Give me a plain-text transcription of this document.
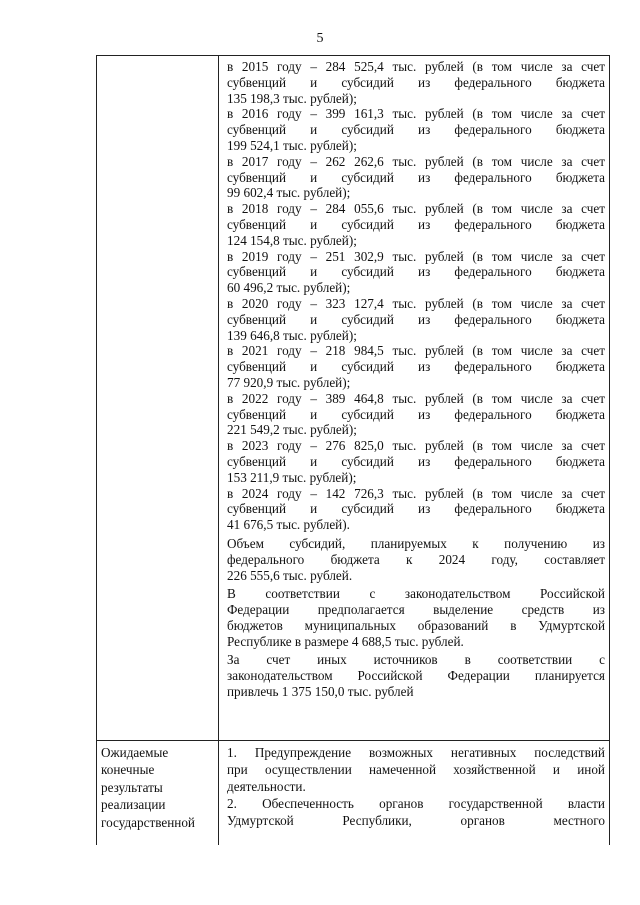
5
в 2015 году – 284 525,4 тыс. рублей (в том числе за счет
субвенций и субсидий из федерального бюджета
135 198,3 тыс. рублей);
в 2016 году – 399 161,3 тыс. рублей (в том числе за счет
субвенций и субсидий из федерального бюджета
199 524,1 тыс. рублей);
в 2017 году – 262 262,6 тыс. рублей (в том числе за счет
субвенций и субсидий из федерального бюджета
99 602,4 тыс. рублей);
в 2018 году – 284 055,6 тыс. рублей (в том числе за счет
субвенций и субсидий из федерального бюджета
124 154,8 тыс. рублей);
в 2019 году – 251 302,9 тыс. рублей (в том числе за счет
субвенций и субсидий из федерального бюджета
60 496,2 тыс. рублей);
в 2020 году – 323 127,4 тыс. рублей (в том числе за счет
субвенций и субсидий из федерального бюджета
139 646,8 тыс. рублей);
в 2021 году – 218 984,5 тыс. рублей (в том числе за счет
субвенций и субсидий из федерального бюджета
77 920,9 тыс. рублей);
в 2022 году – 389 464,8 тыс. рублей (в том числе за счет
субвенций и субсидий из федерального бюджета
221 549,2 тыс. рублей);
в 2023 году – 276 825,0 тыс. рублей (в том числе за счет
субвенций и субсидий из федерального бюджета
153 211,9 тыс. рублей);
в 2024 году – 142 726,3 тыс. рублей (в том числе за счет
субвенций и субсидий из федерального бюджета
41 676,5 тыс. рублей).
Объем субсидий, планируемых к получению из
федерального бюджета к 2024 году, составляет
226 555,6 тыс. рублей.
В соответствии с законодательством Российской
Федерации предполагается выделение средств из
бюджетов муниципальных образований в Удмуртской
Республике в размере 4 688,5 тыс. рублей.
За счет иных источников в соответствии с
законодательством Российской Федерации планируется
привлечь 1 375 150,0 тыс. рублей
Ожидаемые
конечные
результаты
реализации
государственной
1. Предупреждение возможных негативных последствий
при осуществлении намеченной хозяйственной и иной
деятельности.
2. Обеспеченность органов государственной власти
Удмуртской Республики, органов местного
